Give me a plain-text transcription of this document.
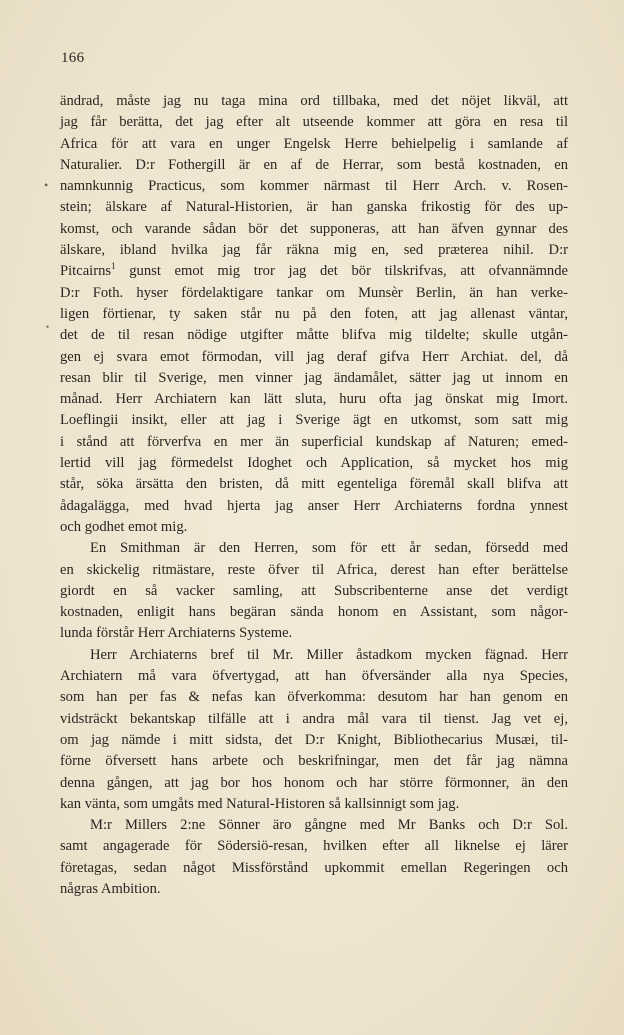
166
•
•
ändrad, måste jag nu taga mina ord tillbaka, med det nöjet likväl, att
jag får berätta, det jag efter alt utseende kommer att göra en resa til
Africa för att vara en unger Engelsk Herre behielpelig i samlande af
Naturalier. D:r Fothergill är en af de Herrar, som bestå kostnaden, en
namnkunnig Practicus, som kommer närmast til Herr Arch. v. Rosen-
stein; älskare af Natural-Historien, är han ganska frikostig för des up-
komst, och varande sådan bör det supponeras, att han äfven gynnar des
älskare, ibland hvilka jag får räkna mig en, sed præterea nihil. D:r
Pitcairns$^1$ gunst emot mig tror jag det bör tilskrifvas, att ofvannämnde
D:r Foth. hyser fördelaktigare tankar om Munsèr Berlin, än han verke-
ligen förtienar, ty saken står nu på den foten, att jag allenast väntar,
det de til resan nödige utgifter måtte blifva mig tildelte; skulle utgån-
gen ej svara emot förmodan, vill jag deraf gifva Herr Archiat. del, då
resan blir til Sverige, men vinner jag ändamålet, sätter jag ut innom en
månad. Herr Archiatern kan lätt sluta, huru ofta jag önskat mig Imort.
Loeflingii insikt, eller att jag i Sverige ägt en utkomst, som satt mig
i stånd att förverfva en mer än superficial kundskap af Naturen; emed-
lertid vill jag förmedelst Idoghet och Application, så mycket hos mig
står, söka ärsätta den bristen, då mitt egenteliga föremål skall blifva att
ådagalägga, med hvad hjerta jag anser Herr Archiaterns fordna ynnest
och godhet emot mig.
En Smithman är den Herren, som för ett år sedan, försedd med
en skickelig ritmästare, reste öfver til Africa, derest han efter berättelse
giordt en så vacker samling, att Subscribenterne anse det verdigt
kostnaden, enligit hans begäran sända honom en Assistant, som någor-
lunda förstår Herr Archiaterns Systeme.
Herr Archiaterns bref til Mr. Miller åstadkom mycken fägnad. Herr
Archiatern må vara öfvertygad, att han öfversänder alla nya Species,
som han per fas & nefas kan öfverkomma: desutom har han genom en
vidsträckt bekantskap tilfälle att i andra mål vara til tienst. Jag vet ej,
om jag nämde i mitt sidsta, det D:r Knight, Bibliothecarius Musæi, til-
förne öfversett hans arbete och beskrifningar, men det får jag nämna
denna gången, att jag bor hos honom och har större förmonner, än den
kan vänta, som umgåts med Natural-Historen så kallsinnigt som jag.
M:r Millers 2:ne Sönner äro gångne med Mr Banks och D:r Sol.
samt angagerade för Södersiö-resan, hvilken efter all liknelse ej lärer
företagas, sedan något Missförstånd upkommit emellan Regeringen och
någras Ambition.
